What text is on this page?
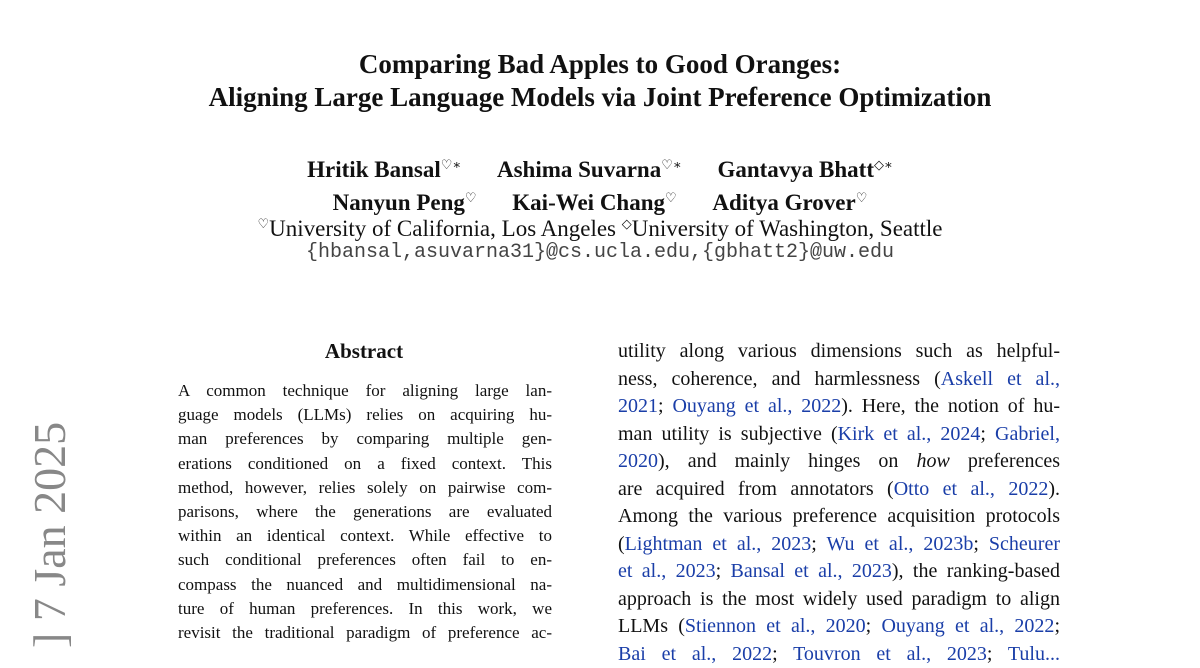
Comparing Bad Apples to Good Oranges:
Aligning Large Language Models via Joint Preference Optimization
Hritik Bansal♡∗ Ashima Suvarna♡∗ Gantavya Bhatt◇∗
Nanyun Peng♡ Kai-Wei Chang♡ Aditya Grover♡
♡University of California, Los Angeles ◇University of Washington, Seattle
{hbansal,asuvarna31}@cs.ucla.edu,{gbhatt2}@uw.edu
] 7 Jan 2025
Abstract
A common technique for aligning large lan-
guage models (LLMs) relies on acquiring hu-
man preferences by comparing multiple gen-
erations conditioned on a fixed context. This
method, however, relies solely on pairwise com-
parisons, where the generations are evaluated
within an identical context. While effective to
such conditional preferences often fail to en-
compass the nuanced and multidimensional na-
ture of human preferences. In this work, we
revisit the traditional paradigm of preference ac-
utility along various dimensions such as helpful-
ness, coherence, and harmlessness (Askell et al.,
2021; Ouyang et al., 2022). Here, the notion of hu-
man utility is subjective (Kirk et al., 2024; Gabriel,
2020), and mainly hinges on how preferences
are acquired from annotators (Otto et al., 2022).
Among the various preference acquisition protocols
(Lightman et al., 2023; Wu et al., 2023b; Scheurer
et al., 2023; Bansal et al., 2023), the ranking-based
approach is the most widely used paradigm to align
LLMs (Stiennon et al., 2020; Ouyang et al., 2022;
Bai et al., 2022; Touvron et al., 2023; Tulu...
